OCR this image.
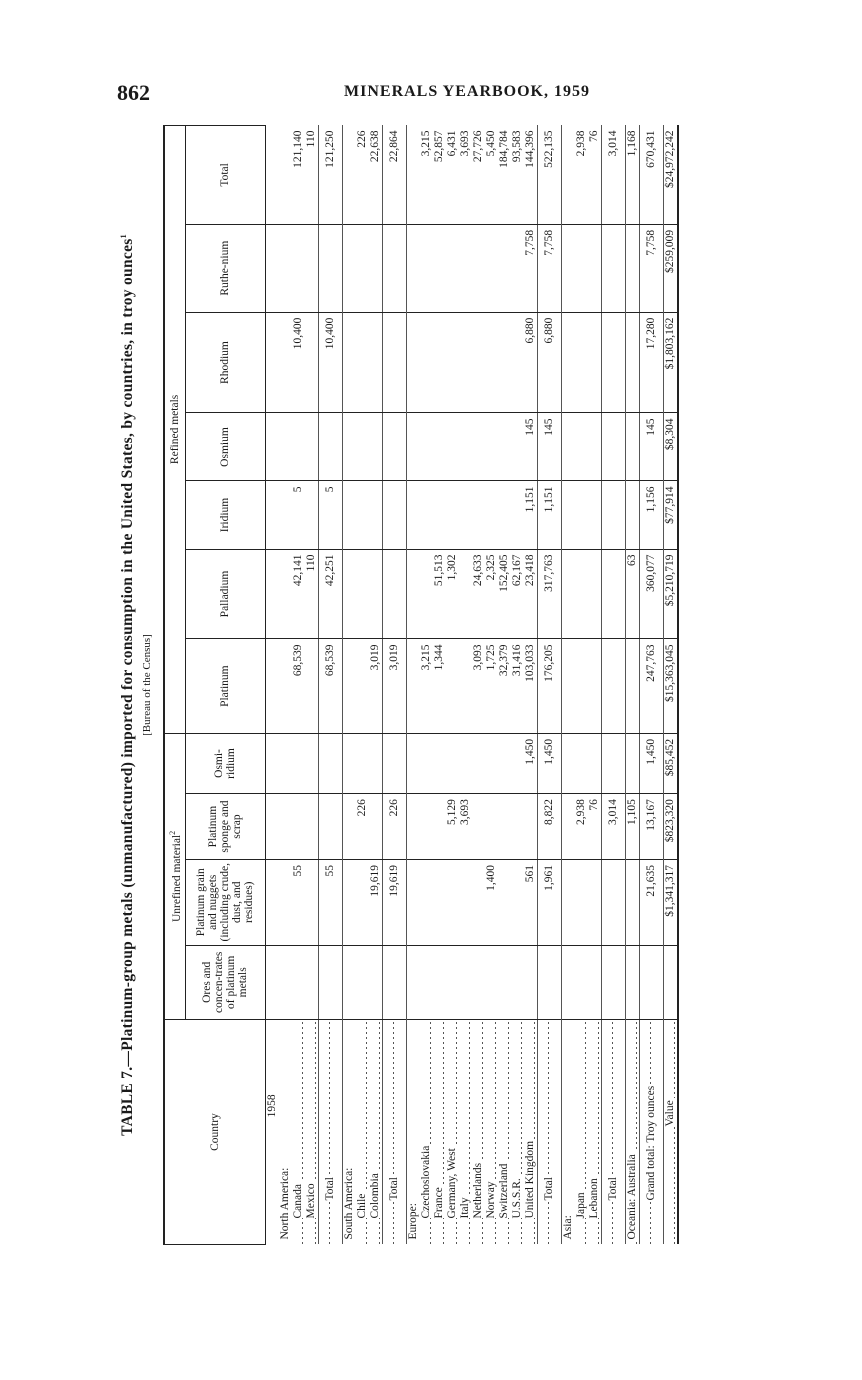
862	MINERALS YEARBOOK, 1959
TABLE 7.—Platinum-group metals (unmanufactured) imported for consumption in the United States, by countries, in troy ounces$^1$
[Bureau of the Census]
Country	Unrefined material$^2$				Refined metals						
	Ores and concen-trates of platinum metals	Platinum grain and nuggets (including crude, dust, and residues)	Platinum sponge and scrap	Osmi-ridium	Platinum	Palladium	Iridium	Osmium	Rhodium	Ruthe-nium	Total
1958											
North America:											
Canada		55			68,539	42,141	5		10,400		121,140
Mexico						110					110
Total		55			68,539	42,251	5		10,400		121,250
South America:											
Chile			226								226
Colombia		19,619			3,019						22,638
Total		19,619	226		3,019						22,864
Europe:											
Czechoslovakia					3,215						3,215
France					1,344	51,513					52,857
Germany, West			5,129			1,302					6,431
Italy			3,693								3,693
Netherlands					3,093	24,633					27,726
Norway		1,400			1,725	2,325					5,450
Switzerland					32,379	152,405					184,784
U.S.S.R.					31,416	62,167					93,583
United Kingdom		561		1,450	103,033	23,418	1,151	145	6,880	7,758	144,396
Total		1,961	8,822	1,450	176,205	317,763	1,151	145	6,880	7,758	522,135
Asia:											
Japan			2,938								2,938
Lebanon			76								76
Total			3,014								3,014
Oceania: Australia			1,105			63					1,168
Grand total: Troy ounces		21,635	13,167	1,450	247,763	360,077	1,156	145	17,280	7,758	670,431
Value		$1,341,317	$823,320	$85,452	$15,363,045	$5,210,719	$77,914	$8,304	$1,803,162	$259,009	$24,972,242
